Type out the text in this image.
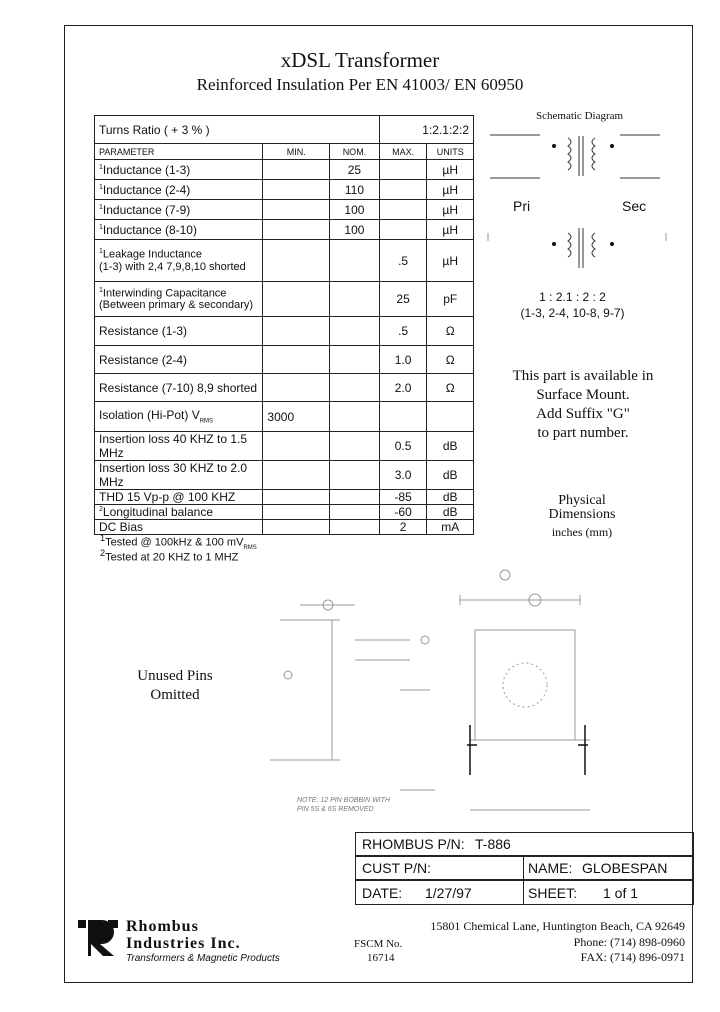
xDSL Transformer
Reinforced Insulation Per EN 41003/ EN 60950
Turns Ratio ( + 3 % )			1:2.1:2:2	
PARAMETER	MIN.	NOM.	MAX.	UNITS
$^1$Inductance (1-3)		25		µH
$^1$Inductance (2-4)		110		µH
$^1$Inductance (7-9)		100		µH
$^1$Inductance (8-10)		100		µH
$^1$Leakage Inductance
(1-3) with 2,4 7,9,8,10 shorted			.5	µH
$^1$Interwinding Capacitance
(Between primary & secondary)			25	pF
Resistance (1-3)			.5	Ω
Resistance (2-4)			1.0	Ω
Resistance (7-10) 8,9 shorted			2.0	Ω
Isolation (Hi-Pot) $V_{RMS}$	3000			
Insertion loss 40 KHZ to 1.5 MHz			0.5	dB
Insertion loss 30 KHZ to 2.0 MHz			3.0	dB
THD 15 Vp-p @ 100 KHZ			-85	dB
$^2$Longitudinal balance			-60	dB
DC Bias			2	mA
$^1$Tested @ 100kHz & 100 $mV_{RMS}$
$^2$Tested at 20 KHZ to 1 MHZ
Schematic Diagram
Pri	Sec
1 : 2.1 : 2 : 2
(1-3, 2-4, 10-8, 9-7)
This part is available in
Surface Mount.
Add Suffix "G"
to part number.
Physical
Dimensions
inches (mm)
Unused Pins
Omitted
NOTE: 12 PIN BOBBIN WITH
PIN 5S & 6S REMOVED
RHOMBUS P/N: T-886
CUST P/N:	NAME: GLOBESPAN
DATE: 1/27/97	SHEET: 1 of 1
Rhombus
Industries Inc.
Transformers & Magnetic Products
FSCM No.
16714
15801 Chemical Lane, Huntington Beach, CA 92649
Phone: (714) 898-0960
FAX: (714) 896-0971
